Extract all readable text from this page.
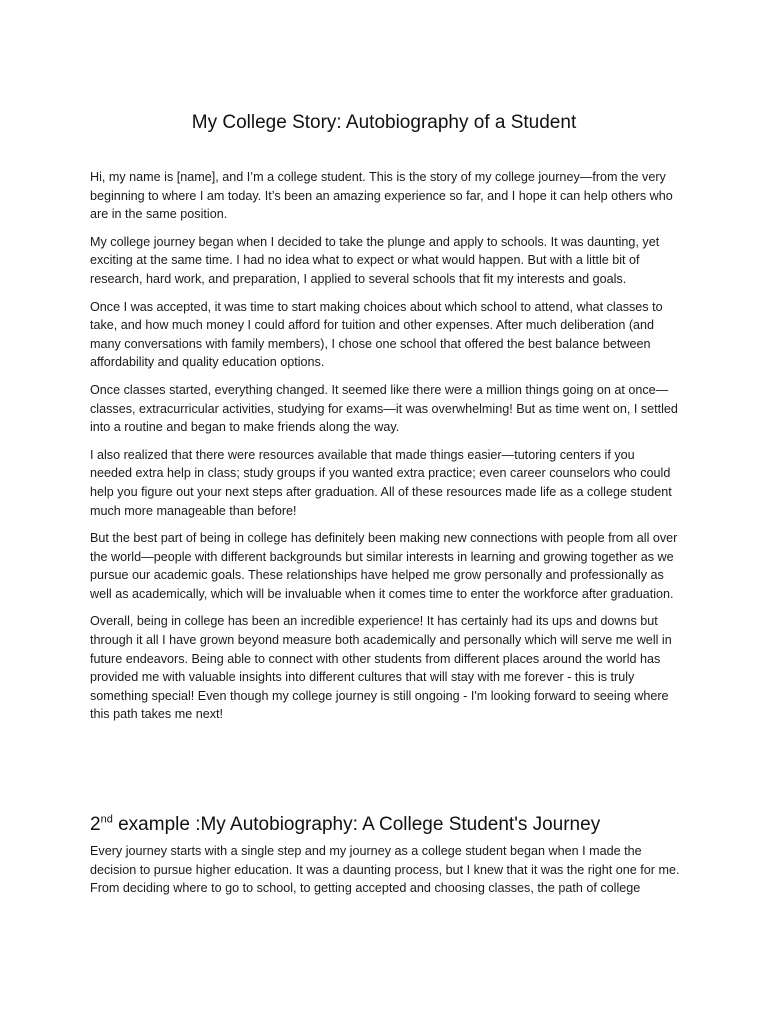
My College Story: Autobiography of a Student

Hi, my name is [name], and I’m a college student. This is the story of my college journey—from the very beginning to where I am today. It’s been an amazing experience so far, and I hope it can help others who are in the same position.

My college journey began when I decided to take the plunge and apply to schools. It was daunting, yet exciting at the same time. I had no idea what to expect or what would happen. But with a little bit of research, hard work, and preparation, I applied to several schools that fit my interests and goals.

Once I was accepted, it was time to start making choices about which school to attend, what classes to take, and how much money I could afford for tuition and other expenses. After much deliberation (and many conversations with family members), I chose one school that offered the best balance between affordability and quality education options.

Once classes started, everything changed. It seemed like there were a million things going on at once—classes, extracurricular activities, studying for exams—it was overwhelming! But as time went on, I settled into a routine and began to make friends along the way.

I also realized that there were resources available that made things easier—tutoring centers if you needed extra help in class; study groups if you wanted extra practice; even career counselors who could help you figure out your next steps after graduation. All of these resources made life as a college student much more manageable than before!

But the best part of being in college has definitely been making new connections with people from all over the world—people with different backgrounds but similar interests in learning and growing together as we pursue our academic goals. These relationships have helped me grow personally and professionally as well as academically, which will be invaluable when it comes time to enter the workforce after graduation.

Overall, being in college has been an incredible experience! It has certainly had its ups and downs but through it all I have grown beyond measure both academically and personally which will serve me well in future endeavors. Being able to connect with other students from different places around the world has provided me with valuable insights into different cultures that will stay with me forever - this is truly something special! Even though my college journey is still ongoing - I'm looking forward to seeing where this path takes me next!

2nd example :My Autobiography: A College Student's Journey

Every journey starts with a single step and my journey as a college student began when I made the decision to pursue higher education. It was a daunting process, but I knew that it was the right one for me. From deciding where to go to school, to getting accepted and choosing classes, the path of college
